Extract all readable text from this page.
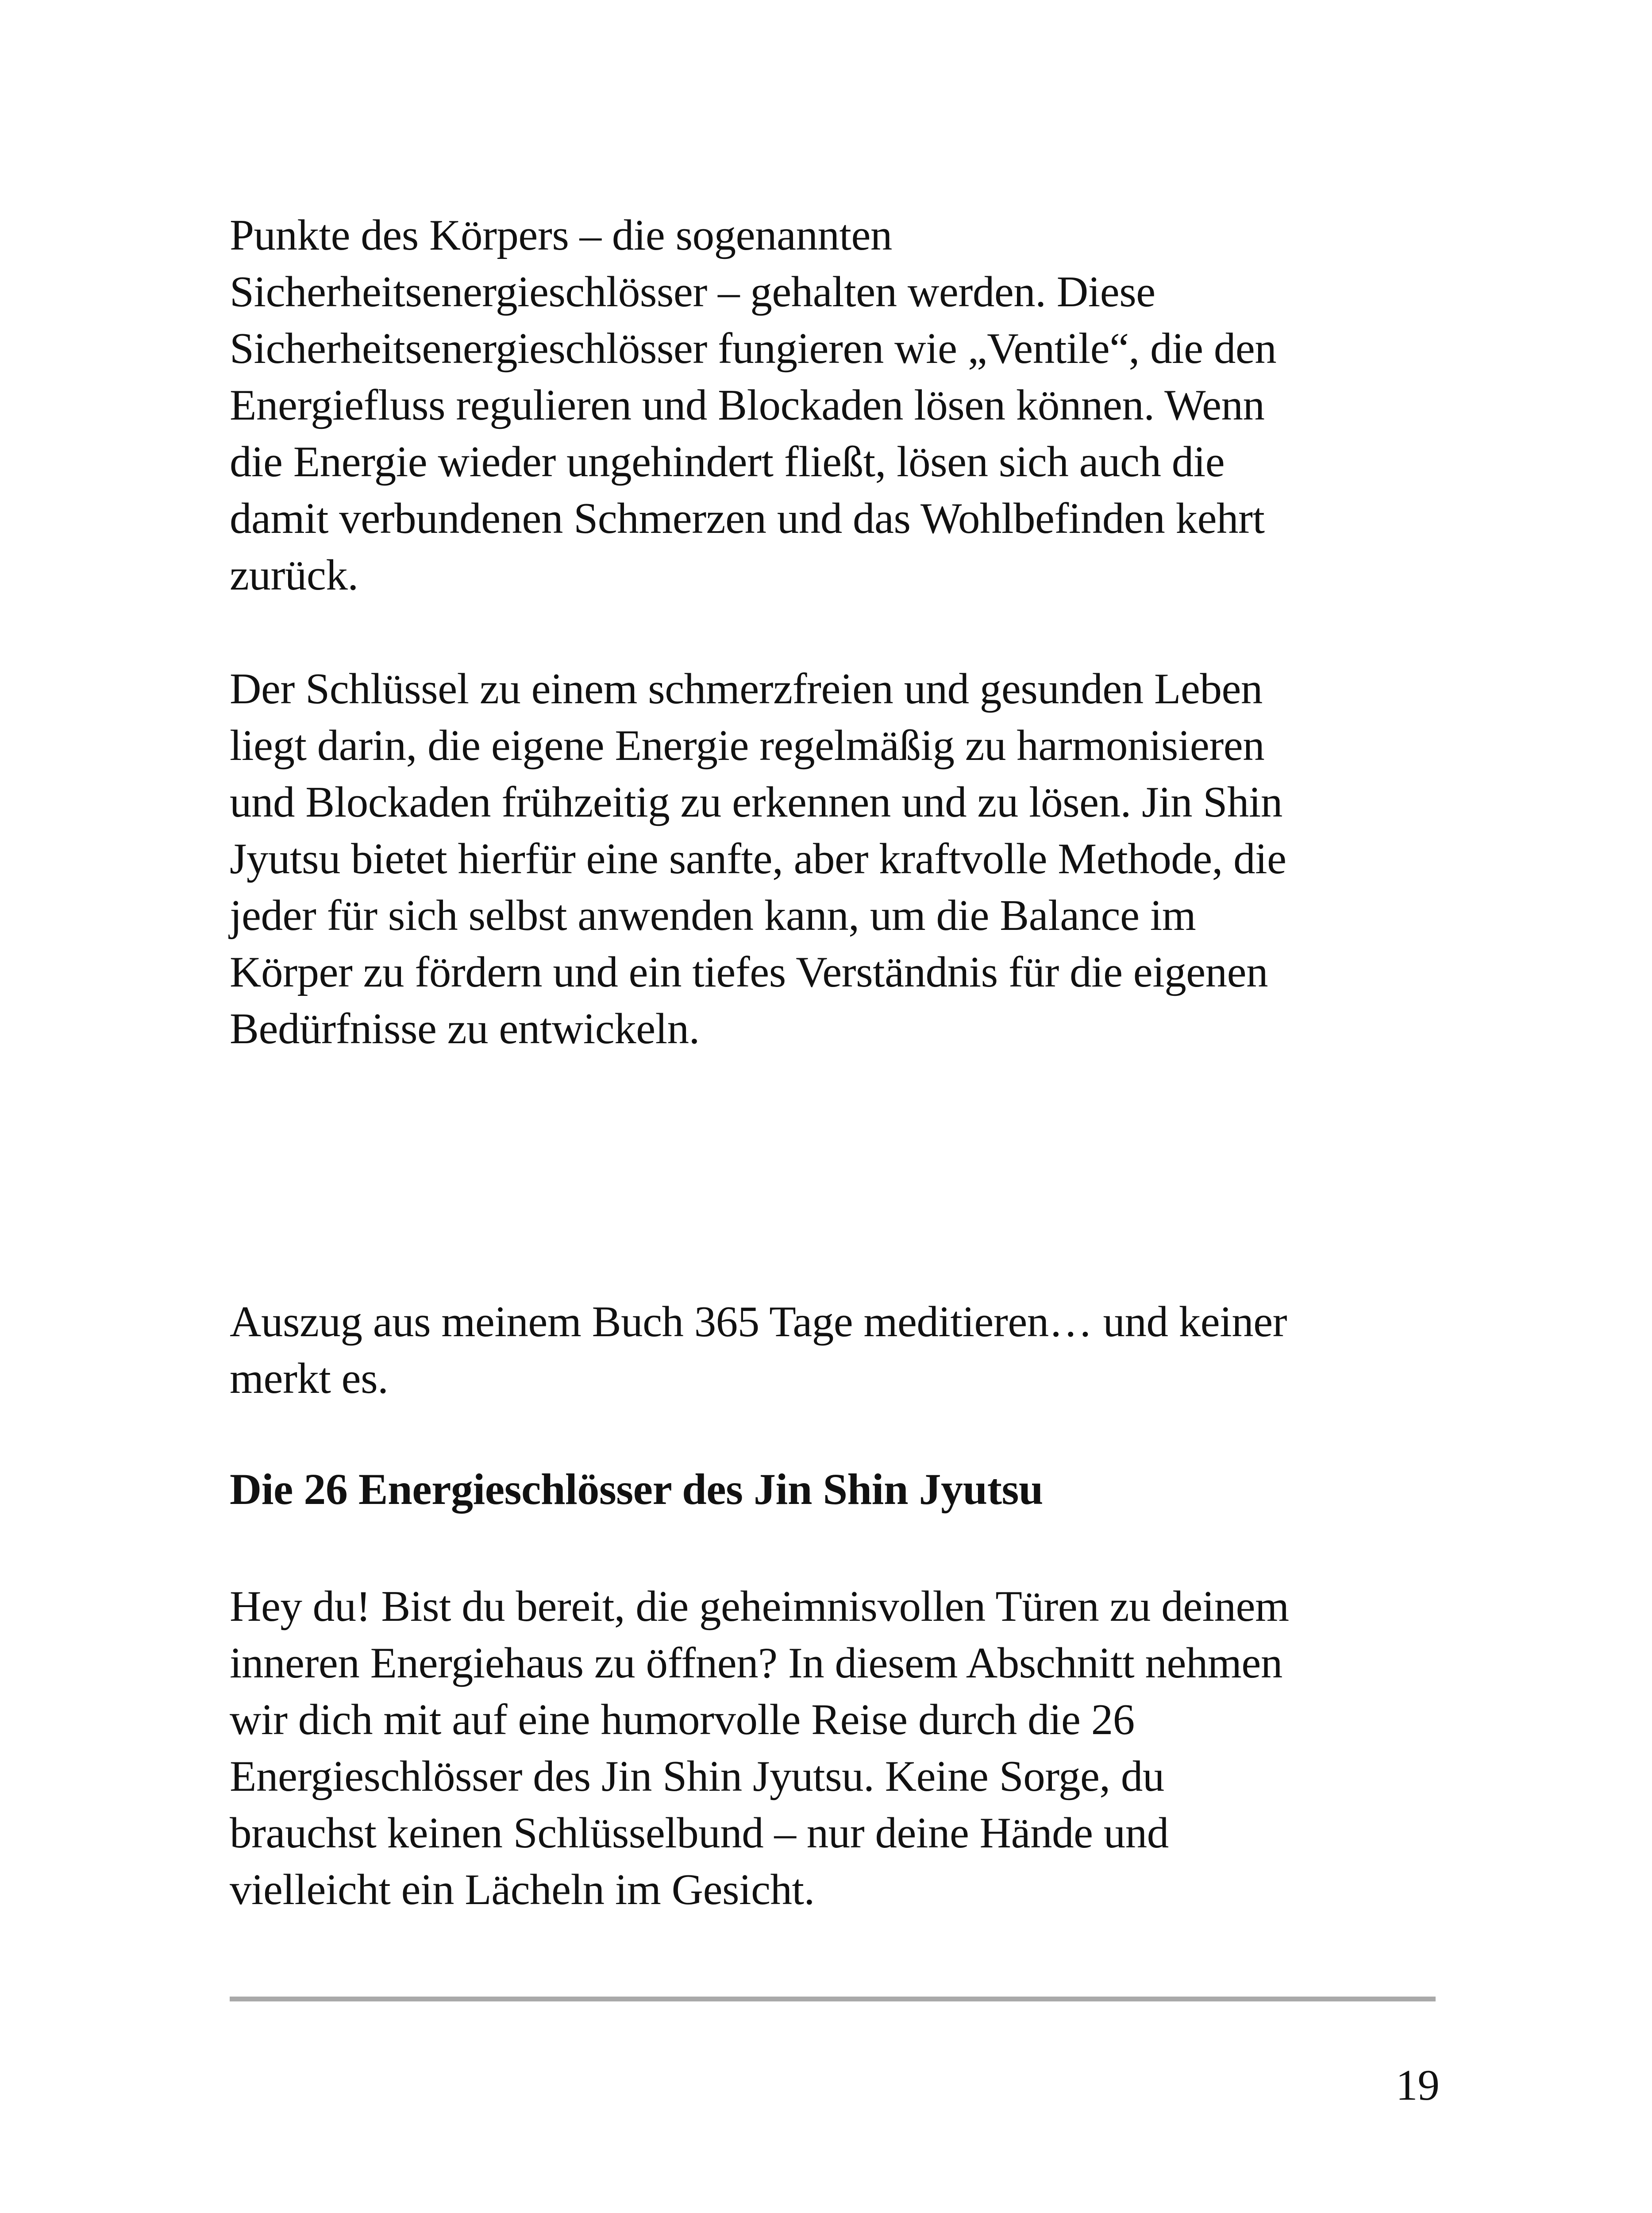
Punkte des Körpers – die sogenannten
Sicherheitsenergieschlösser – gehalten werden. Diese
Sicherheitsenergieschlösser fungieren wie „Ventile“, die den
Energiefluss regulieren und Blockaden lösen können. Wenn
die Energie wieder ungehindert fließt, lösen sich auch die
damit verbundenen Schmerzen und das Wohlbefinden kehrt
zurück.

Der Schlüssel zu einem schmerzfreien und gesunden Leben
liegt darin, die eigene Energie regelmäßig zu harmonisieren
und Blockaden frühzeitig zu erkennen und zu lösen. Jin Shin
Jyutsu bietet hierfür eine sanfte, aber kraftvolle Methode, die
jeder für sich selbst anwenden kann, um die Balance im
Körper zu fördern und ein tiefes Verständnis für die eigenen
Bedürfnisse zu entwickeln.

Auszug aus meinem Buch 365 Tage meditieren… und keiner
merkt es.

Die 26 Energieschlösser des Jin Shin Jyutsu

Hey du! Bist du bereit, die geheimnisvollen Türen zu deinem
inneren Energiehaus zu öffnen? In diesem Abschnitt nehmen
wir dich mit auf eine humorvolle Reise durch die 26
Energieschlösser des Jin Shin Jyutsu. Keine Sorge, du
brauchst keinen Schlüsselbund – nur deine Hände und
vielleicht ein Lächeln im Gesicht.

19
